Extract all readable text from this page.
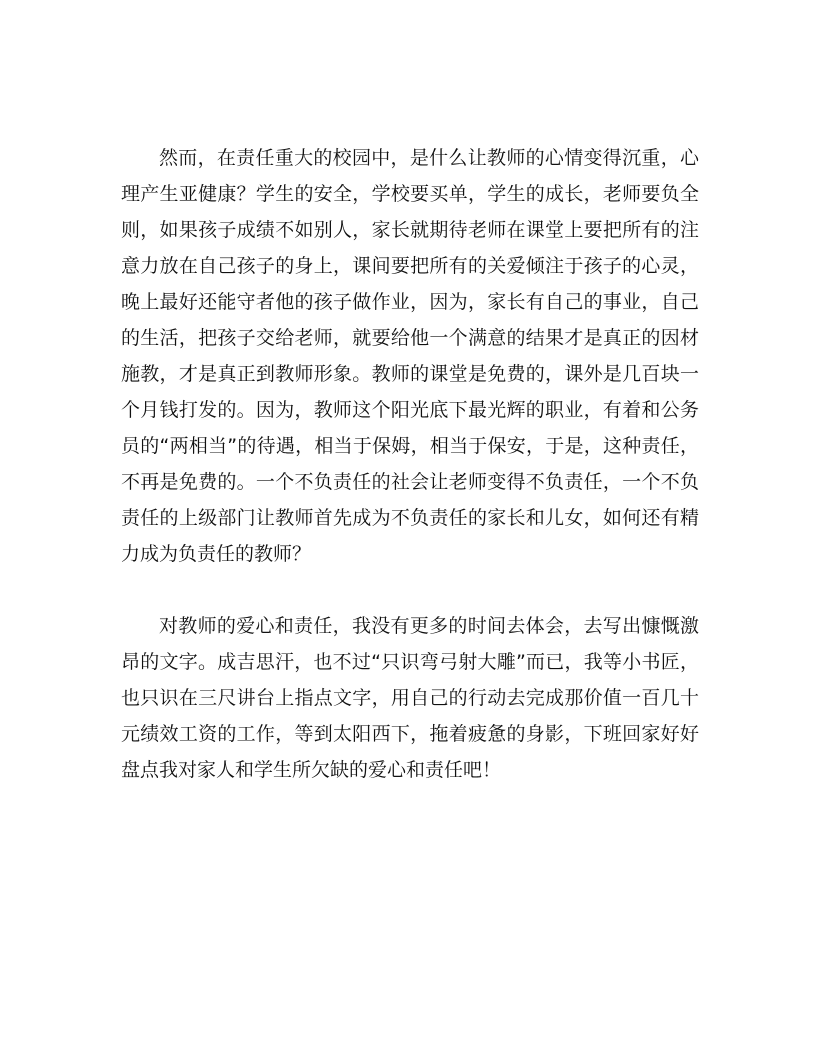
然而，在责任重大的校园中，是什么让教师的心情变得沉重，心理产生亚健康？学生的安全，学校要买单，学生的成长，老师要负全则，如果孩子成绩不如别人，家长就期待老师在课堂上要把所有的注意力放在自己孩子的身上，课间要把所有的关爱倾注于孩子的心灵，晚上最好还能守者他的孩子做作业，因为，家长有自己的事业，自己的生活，把孩子交给老师，就要给他一个满意的结果才是真正的因材施教，才是真正到教师形象。教师的课堂是免费的，课外是几百块一个月钱打发的。因为，教师这个阳光底下最光辉的职业，有着和公务员的“两相当”的待遇，相当于保姆，相当于保安，于是，这种责任，不再是免费的。一个不负责任的社会让老师变得不负责任，一个不负责任的上级部门让教师首先成为不负责任的家长和儿女，如何还有精力成为负责任的教师？

对教师的爱心和责任，我没有更多的时间去体会，去写出慷慨激昂的文字。成吉思汗，也不过“只识弯弓射大雕”而已，我等小书匠，也只识在三尺讲台上指点文字，用自己的行动去完成那价值一百几十元绩效工资的工作，等到太阳西下，拖着疲惫的身影，下班回家好好盘点我对家人和学生所欠缺的爱心和责任吧！
